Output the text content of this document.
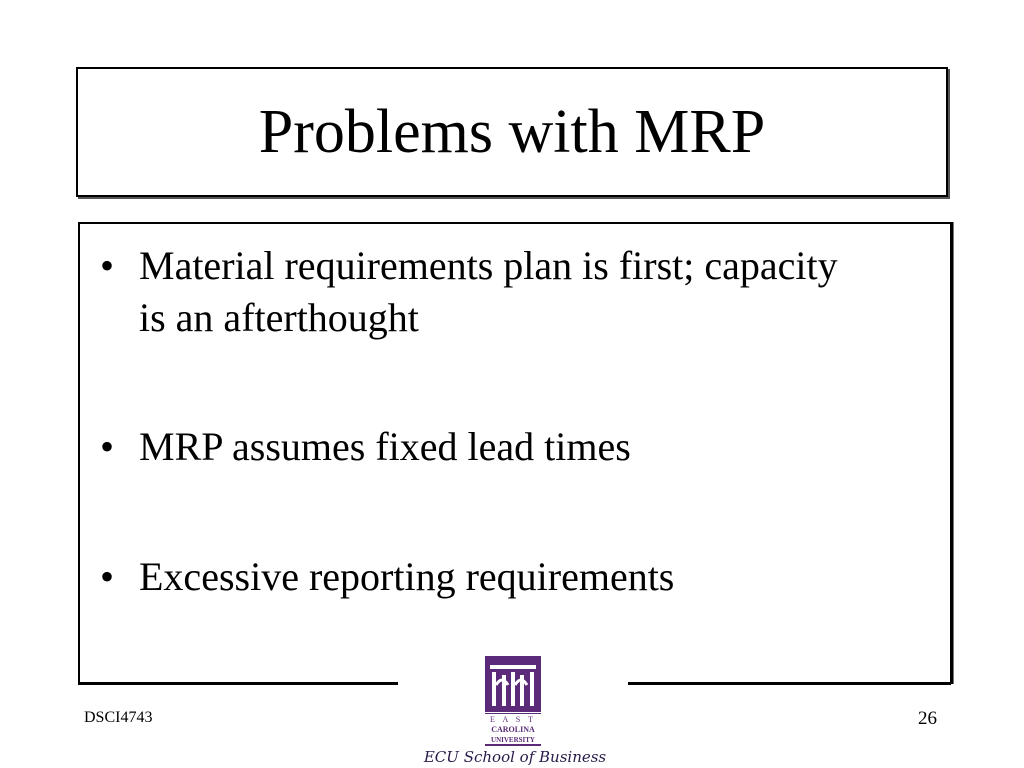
Problems with MRP
• Material requirements plan is first; capacity
is an afterthought
• MRP assumes fixed lead times
• Excessive reporting requirements
DSCI4743	26
E A S T
CAROLINA
UNIVERSITY
ECU School of Business
